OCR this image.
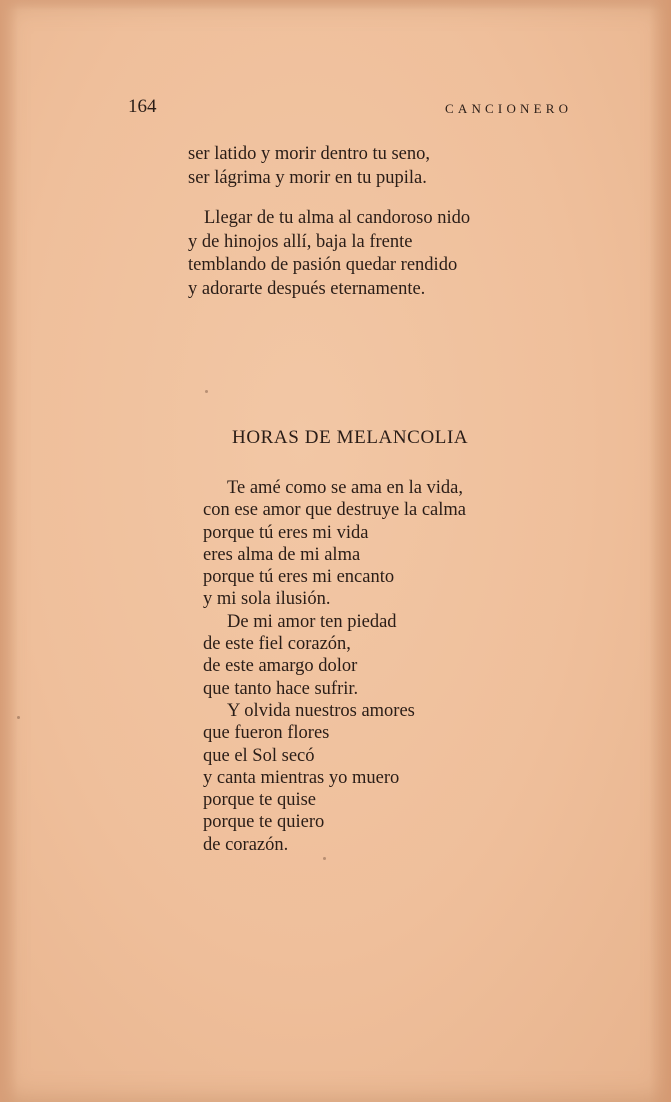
164	CANCIONERO
ser latido y morir dentro tu seno,
ser lágrima y morir en tu pupila.
Llegar de tu alma al candoroso nido
y de hinojos allí, baja la frente
temblando de pasión quedar rendido
y adorarte después eternamente.
HORAS DE MELANCOLIA
Te amé como se ama en la vida,
con ese amor que destruye la calma
porque tú eres mi vida
eres alma de mi alma
porque tú eres mi encanto
y mi sola ilusión.
De mi amor ten piedad
de este fiel corazón,
de este amargo dolor
que tanto hace sufrir.
Y olvida nuestros amores
que fueron flores
que el Sol secó
y canta mientras yo muero
porque te quise
porque te quiero
de corazón.
